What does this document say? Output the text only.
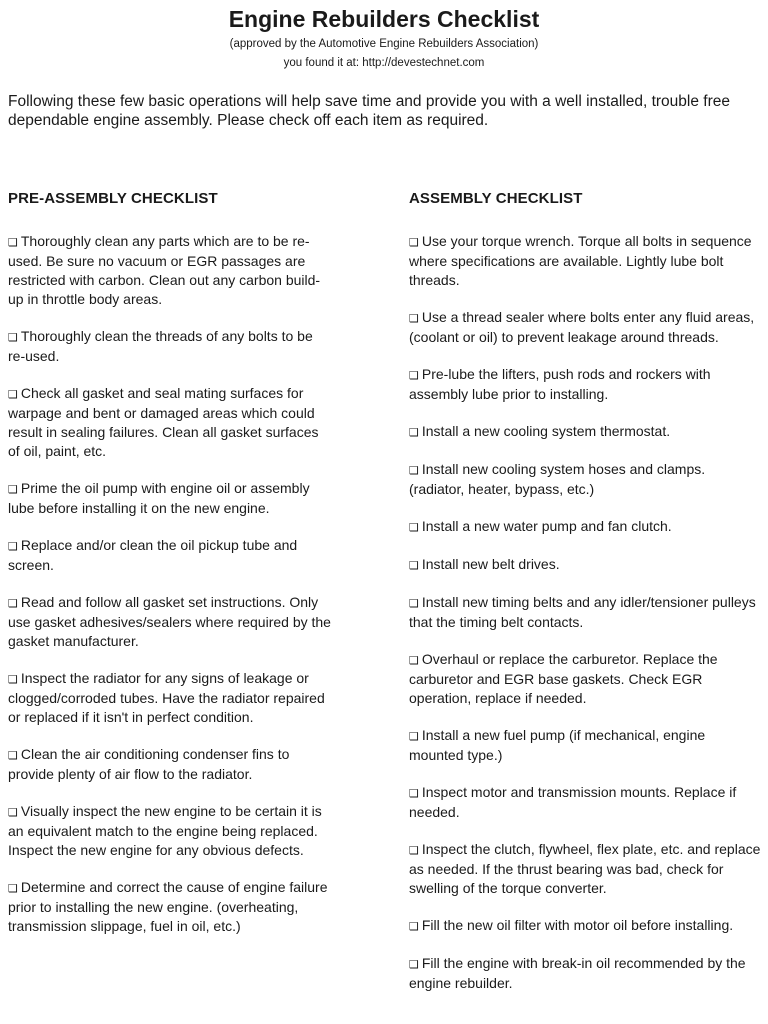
Engine Rebuilders Checklist

(approved by the Automotive Engine Rebuilders Association)

you found it at: http://devestechnet.com

Following these few basic operations will help save time and provide you with a well installed, trouble free dependable engine assembly. Please check off each item as required.

PRE-ASSEMBLY CHECKLIST
❑ Thoroughly clean any parts which are to be re-used. Be sure no vacuum or EGR passages are restricted with carbon. Clean out any carbon build-up in throttle body areas.
❑ Thoroughly clean the threads of any bolts to be re-used.
❑ Check all gasket and seal mating surfaces for warpage and bent or damaged areas which could result in sealing failures. Clean all gasket surfaces of oil, paint, etc.
❑ Prime the oil pump with engine oil or assembly lube before installing it on the new engine.
❑ Replace and/or clean the oil pickup tube and screen.
❑ Read and follow all gasket set instructions. Only use gasket adhesives/sealers where required by the gasket manufacturer.
❑ Inspect the radiator for any signs of leakage or clogged/corroded tubes. Have the radiator repaired or replaced if it isn't in perfect condition.
❑ Clean the air conditioning condenser fins to provide plenty of air flow to the radiator.
❑ Visually inspect the new engine to be certain it is an equivalent match to the engine being replaced. Inspect the new engine for any obvious defects.
❑ Determine and correct the cause of engine failure prior to installing the new engine. (overheating, transmission slippage, fuel in oil, etc.)
ASSEMBLY CHECKLIST
❑ Use your torque wrench. Torque all bolts in sequence where specifications are available. Lightly lube bolt threads.
❑ Use a thread sealer where bolts enter any fluid areas, (coolant or oil) to prevent leakage around threads.
❑ Pre-lube the lifters, push rods and rockers with assembly lube prior to installing.
❑ Install a new cooling system thermostat.
❑ Install new cooling system hoses and clamps. (radiator, heater, bypass, etc.)
❑ Install a new water pump and fan clutch.
❑ Install new belt drives.
❑ Install new timing belts and any idler/tensioner pulleys that the timing belt contacts.
❑ Overhaul or replace the carburetor. Replace the carburetor and EGR base gaskets. Check EGR operation, replace if needed.
❑ Install a new fuel pump (if mechanical, engine mounted type.)
❑ Inspect motor and transmission mounts. Replace if needed.
❑ Inspect the clutch, flywheel, flex plate, etc. and replace as needed. If the thrust bearing was bad, check for swelling of the torque converter.
❑ Fill the new oil filter with motor oil before installing.
❑ Fill the engine with break-in oil recommended by the engine rebuilder.
